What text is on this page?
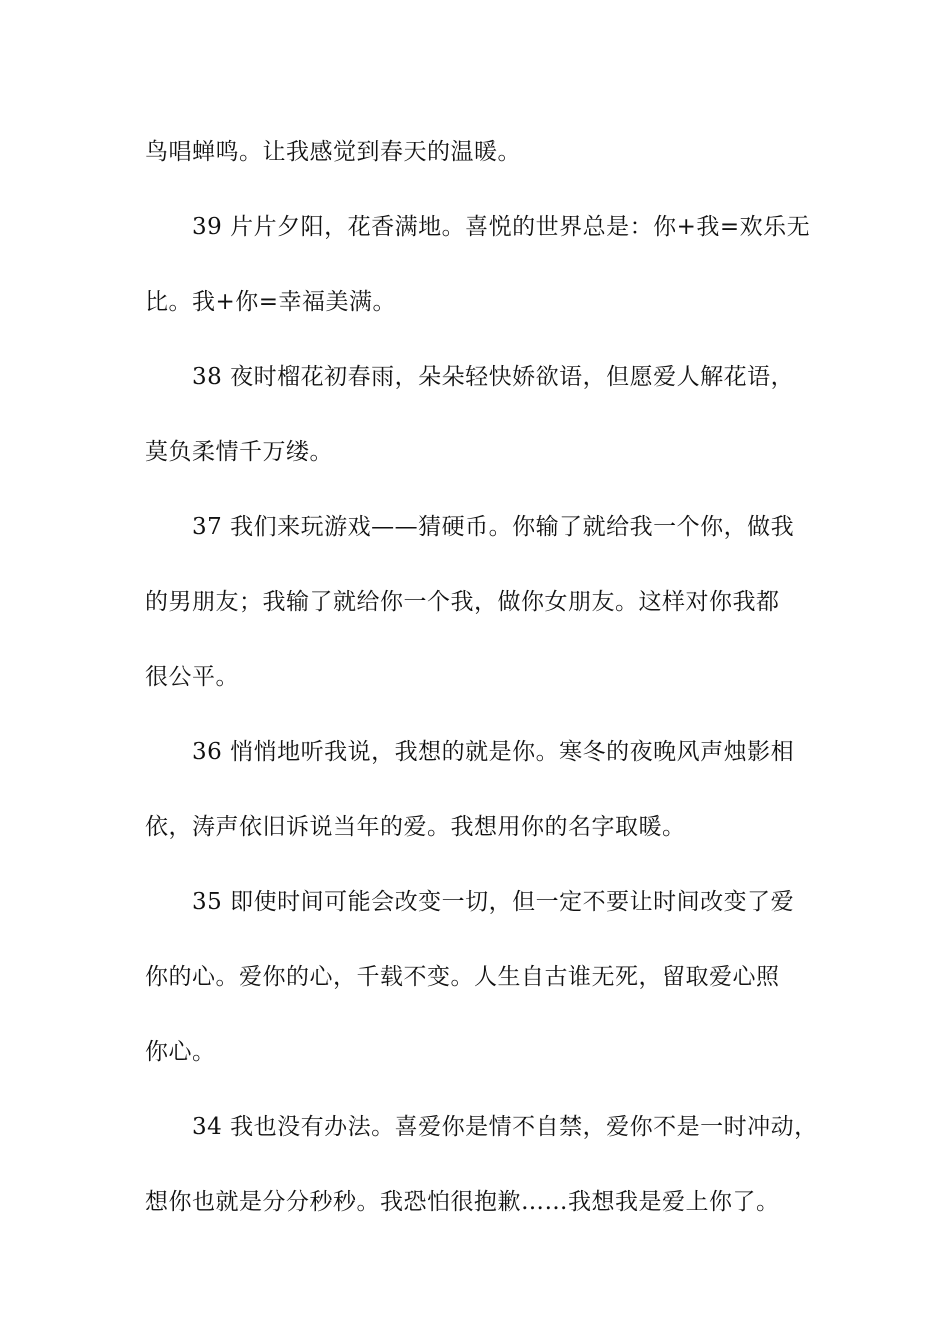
鸟唱蝉鸣。让我感觉到春天的温暖。

39 片片夕阳，花香满地。喜悦的世界总是：你+我=欢乐无

比。我+你=幸福美满。

38 夜时榴花初春雨，朵朵轻快娇欲语，但愿爱人解花语，

莫负柔情千万缕。

37 我们来玩游戏——猜硬币。你输了就给我一个你，做我

的男朋友；我输了就给你一个我，做你女朋友。这样对你我都

很公平。

36 悄悄地听我说，我想的就是你。寒冬的夜晚风声烛影相

依，涛声依旧诉说当年的爱。我想用你的名字取暖。

35 即使时间可能会改变一切，但一定不要让时间改变了爱

你的心。爱你的心，千载不变。人生自古谁无死，留取爱心照

你心。

34 我也没有办法。喜爱你是情不自禁，爱你不是一时冲动，

想你也就是分分秒秒。我恐怕很抱歉……我想我是爱上你了。
